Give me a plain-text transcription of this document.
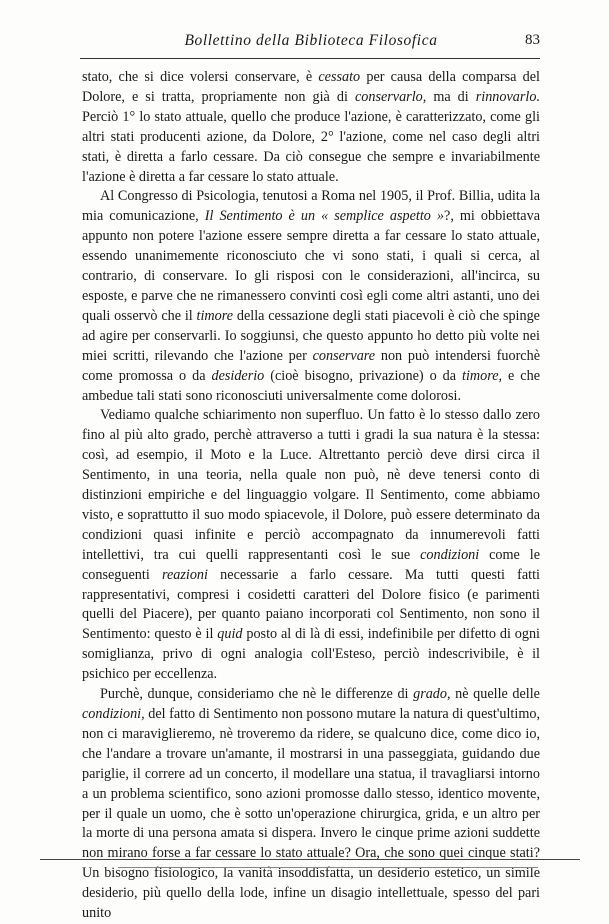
Bollettino della Biblioteca Filosofica	83

stato, che si dice volersi conservare, è cessato per causa della comparsa del Dolore, e si tratta, propriamente non già di conservarlo, ma di rinnovarlo. Perciò 1° lo stato attuale, quello che produce l'azione, è caratterizzato, come gli altri stati producenti azione, da Dolore, 2° l'azione, come nel caso degli altri stati, è diretta a farlo cessare. Da ciò consegue che sempre e invariabilmente l'azione è diretta a far cessare lo stato attuale.

Al Congresso di Psicologia, tenutosi a Roma nel 1905, il Prof. Billia, udita la mia comunicazione, Il Sentimento è un « semplice aspetto »?, mi obbiettava appunto non potere l'azione essere sempre diretta a far cessare lo stato attuale, essendo unanimemente riconosciuto che vi sono stati, i quali si cerca, al contrario, di conservare. Io gli risposi con le considerazioni, all'incirca, su esposte, e parve che ne rimanessero convinti così egli come altri astanti, uno dei quali osservò che il timore della cessazione degli stati piacevoli è ciò che spinge ad agire per conservarli. Io soggiunsi, che questo appunto ho detto più volte nei miei scritti, rilevando che l'azione per conservare non può intendersi fuorchè come promossa o da desiderio (cioè bisogno, privazione) o da timore, e che ambedue tali stati sono riconosciuti universalmente come dolorosi.

Vediamo qualche schiarimento non superfluo. Un fatto è lo stesso dallo zero fino al più alto grado, perchè attraverso a tutti i gradi la sua natura è la stessa: così, ad esempio, il Moto e la Luce. Altrettanto perciò deve dirsi circa il Sentimento, in una teoria, nella quale non può, nè deve tenersi conto di distinzioni empiriche e del linguaggio volgare. Il Sentimento, come abbiamo visto, e soprattutto il suo modo spiacevole, il Dolore, può essere determinato da condizioni quasi infinite e perciò accompagnato da innumerevoli fatti intellettivi, tra cui quelli rappresentanti così le sue condizioni come le conseguenti reazioni necessarie a farlo cessare. Ma tutti questi fatti rappresentativi, compresi i cosidetti caratteri del Dolore fisico (e parimenti quelli del Piacere), per quanto paiano incorporati col Sentimento, non sono il Sentimento: questo è il quid posto al di là di essi, indefinibile per difetto di ogni somiglianza, privo di ogni analogia coll'Esteso, perciò indescrivibile, è il psichico per eccellenza.

Purchè, dunque, consideriamo che nè le differenze di grado, nè quelle delle condizioni, del fatto di Sentimento non possono mutare la natura di quest'ultimo, non ci maraviglieremo, nè troveremo da ridere, se qualcuno dice, come dico io, che l'andare a trovare un'amante, il mostrarsi in una passeggiata, guidando due pariglie, il correre ad un concerto, il modellare una statua, il travagliarsi intorno a un problema scientifico, sono azioni promosse dallo stesso, identico movente, per il quale un uomo, che è sotto un'operazione chirurgica, grida, e un altro per la morte di una persona amata si dispera. Invero le cinque prime azioni suddette non mirano forse a far cessare lo stato attuale? Ora, che sono quei cinque stati? Un bisogno fisiologico, la vanità insoddisfatta, un desiderio estetico, un simile desiderio, più quello della lode, infine un disagio intellettuale, spesso del pari unito
